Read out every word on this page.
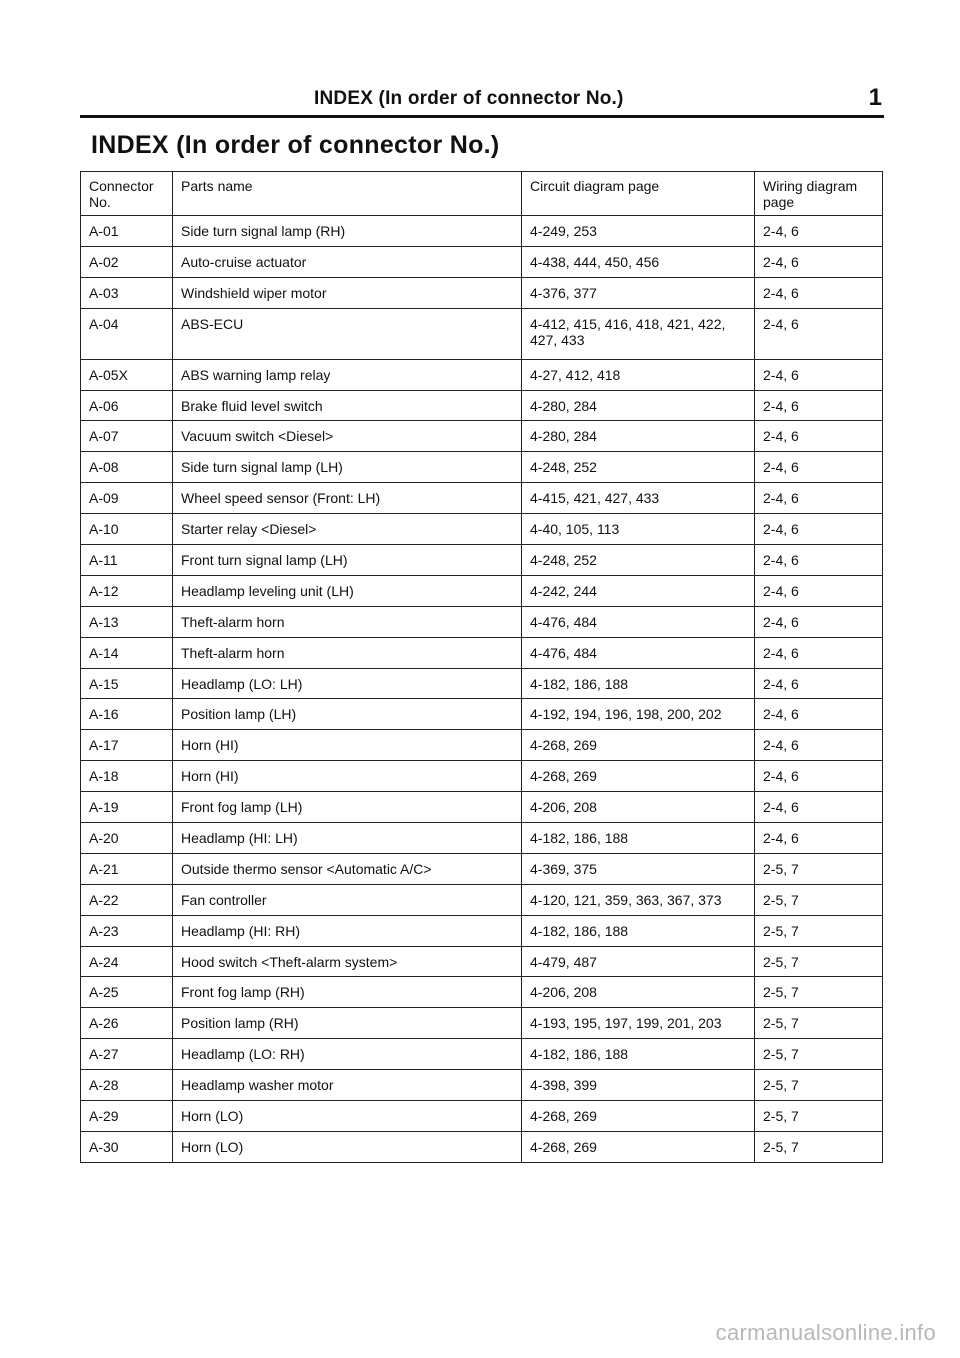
INDEX (In order of connector No.)	1
INDEX (In order of connector No.)
Connector No.	Parts name	Circuit diagram page	Wiring diagram page
A-01	Side turn signal lamp (RH)	4-249, 253	2-4, 6
A-02	Auto-cruise actuator	4-438, 444, 450, 456	2-4, 6
A-03	Windshield wiper motor	4-376, 377	2-4, 6
A-04	ABS-ECU	4-412, 415, 416, 418, 421, 422, 427, 433	2-4, 6
A-05X	ABS warning lamp relay	4-27, 412, 418	2-4, 6
A-06	Brake fluid level switch	4-280, 284	2-4, 6
A-07	Vacuum switch <Diesel>	4-280, 284	2-4, 6
A-08	Side turn signal lamp (LH)	4-248, 252	2-4, 6
A-09	Wheel speed sensor (Front: LH)	4-415, 421, 427, 433	2-4, 6
A-10	Starter relay <Diesel>	4-40, 105, 113	2-4, 6
A-11	Front turn signal lamp (LH)	4-248, 252	2-4, 6
A-12	Headlamp leveling unit (LH)	4-242, 244	2-4, 6
A-13	Theft-alarm horn	4-476, 484	2-4, 6
A-14	Theft-alarm horn	4-476, 484	2-4, 6
A-15	Headlamp (LO: LH)	4-182, 186, 188	2-4, 6
A-16	Position lamp (LH)	4-192, 194, 196, 198, 200, 202	2-4, 6
A-17	Horn (HI)	4-268, 269	2-4, 6
A-18	Horn (HI)	4-268, 269	2-4, 6
A-19	Front fog lamp (LH)	4-206, 208	2-4, 6
A-20	Headlamp (HI: LH)	4-182, 186, 188	2-4, 6
A-21	Outside thermo sensor <Automatic A/C>	4-369, 375	2-5, 7
A-22	Fan controller	4-120, 121, 359, 363, 367, 373	2-5, 7
A-23	Headlamp (HI: RH)	4-182, 186, 188	2-5, 7
A-24	Hood switch <Theft-alarm system>	4-479, 487	2-5, 7
A-25	Front fog lamp (RH)	4-206, 208	2-5, 7
A-26	Position lamp (RH)	4-193, 195, 197, 199, 201, 203	2-5, 7
A-27	Headlamp (LO: RH)	4-182, 186, 188	2-5, 7
A-28	Headlamp washer motor	4-398, 399	2-5, 7
A-29	Horn (LO)	4-268, 269	2-5, 7
A-30	Horn (LO)	4-268, 269	2-5, 7
carmanualsonline.info
